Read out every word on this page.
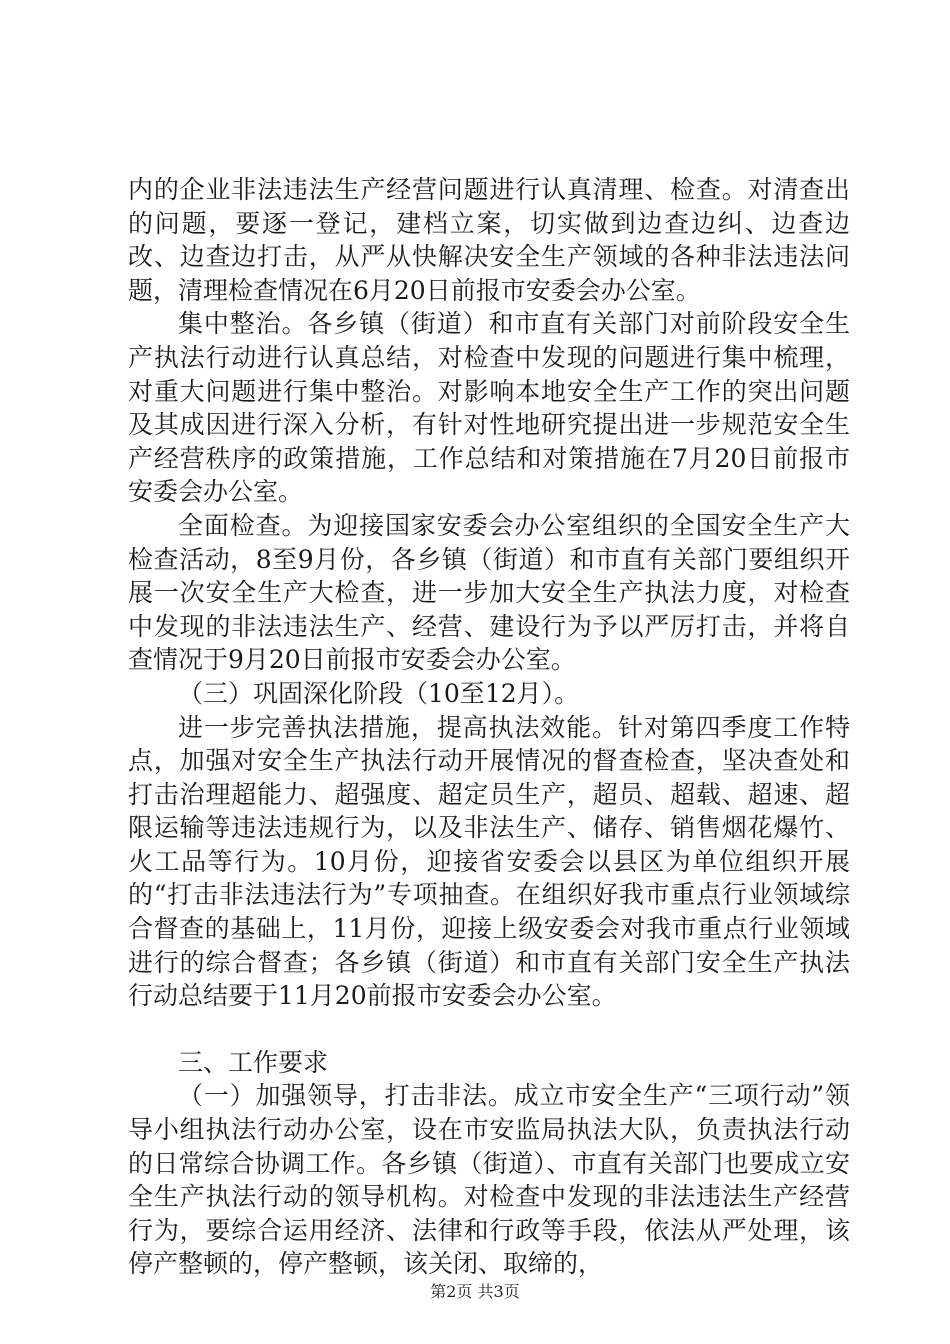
内的企业非法违法生产经营问题进行认真清理、检查。对清查出的问题，要逐一登记，建档立案，切实做到边查边纠、边查边改、边查边打击，从严从快解决安全生产领域的各种非法违法问题，清理检查情况在6月20日前报市安委会办公室。

集中整治。各乡镇（街道）和市直有关部门对前阶段安全生产执法行动进行认真总结，对检查中发现的问题进行集中梳理，对重大问题进行集中整治。对影响本地安全生产工作的突出问题及其成因进行深入分析，有针对性地研究提出进一步规范安全生产经营秩序的政策措施，工作总结和对策措施在7月20日前报市安委会办公室。

全面检查。为迎接国家安委会办公室组织的全国安全生产大检查活动，8至9月份，各乡镇（街道）和市直有关部门要组织开展一次安全生产大检查，进一步加大安全生产执法力度，对检查中发现的非法违法生产、经营、建设行为予以严厉打击，并将自查情况于9月20日前报市安委会办公室。

（三）巩固深化阶段（10至12月）。

进一步完善执法措施，提高执法效能。针对第四季度工作特点，加强对安全生产执法行动开展情况的督查检查，坚决查处和打击治理超能力、超强度、超定员生产，超员、超载、超速、超限运输等违法违规行为，以及非法生产、储存、销售烟花爆竹、火工品等行为。10月份，迎接省安委会以县区为单位组织开展的“打击非法违法行为”专项抽查。在组织好我市重点行业领域综合督查的基础上，11月份，迎接上级安委会对我市重点行业领域进行的综合督查；各乡镇（街道）和市直有关部门安全生产执法行动总结要于11月20前报市安委会办公室。

三、工作要求

（一）加强领导，打击非法。成立市安全生产“三项行动”领导小组执法行动办公室，设在市安监局执法大队，负责执法行动的日常综合协调工作。各乡镇（街道）、市直有关部门也要成立安全生产执法行动的领导机构。对检查中发现的非法违法生产经营行为，要综合运用经济、法律和行政等手段，依法从严处理，该停产整顿的，停产整顿，该关闭、取缔的，

第2页 共3页
